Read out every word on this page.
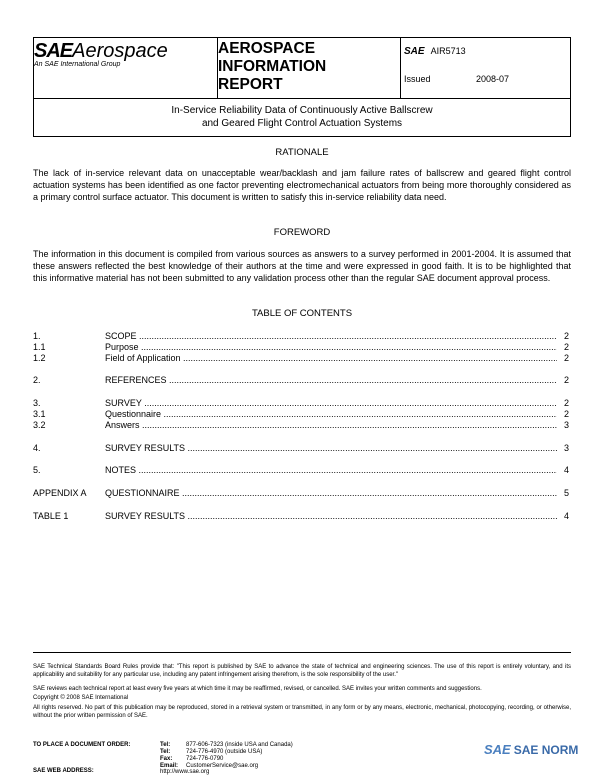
SAEAerospace
An SAE International Group
AEROSPACE
INFORMATION
REPORT
SAE AIR5713
Issued	2008-07
In-Service Reliability Data of Continuously Active Ballscrew
and Geared Flight Control Actuation Systems
RATIONALE
The lack of in-service relevant data on unacceptable wear/backlash and jam failure rates of ballscrew and geared flight control actuation systems has been identified as one factor preventing electromechanical actuators from being more thoroughly considered as a primary control surface actuator. This document is written to satisfy this in-service reliability data need.
FOREWORD
The information in this document is compiled from various sources as answers to a survey performed in 2001-2004. It is assumed that these answers reflected the best knowledge of their authors at the time and were expressed in good faith. It is to be highlighted that this informative material has not been submitted to any validation process other than the regular SAE document approval process.
TABLE OF CONTENTS
1.	SCOPE .....	2
1.1	Purpose .....	2
1.2	Field of Application .....	2
2.	REFERENCES .....	2
3.	SURVEY .....	2
3.1	Questionnaire .....	2
3.2	Answers .....	3
4.	SURVEY RESULTS .....	3
5.	NOTES .....	4
APPENDIX A QUESTIONNAIRE .....	5
TABLE 1	SURVEY RESULTS .....	4
SAE Technical Standards Board Rules provide that: "This report is published by SAE to advance the state of technical and engineering sciences. The use of this report is entirely voluntary, and its applicability and suitability for any particular use, including any patent infringement arising therefrom, is the sole responsibility of the user."
SAE reviews each technical report at least every five years at which time it may be reaffirmed, revised, or cancelled. SAE invites your written comments and suggestions.
Copyright © 2008 SAE International
All rights reserved. No part of this publication may be reproduced, stored in a retrieval system or transmitted, in any form or by any means, electronic, mechanical, photocopying, recording, or otherwise, without the prior written permission of SAE.
TO PLACE A DOCUMENT ORDER:	Tel:	877-606-7323 (inside USA and Canada)
Tel:	724-776-4970 (outside USA)
Fax: 724-776-0790
Email: CustomerService@sae.org
SAE WEB ADDRESS:	http://www.sae.org
SAE SAE NORM
